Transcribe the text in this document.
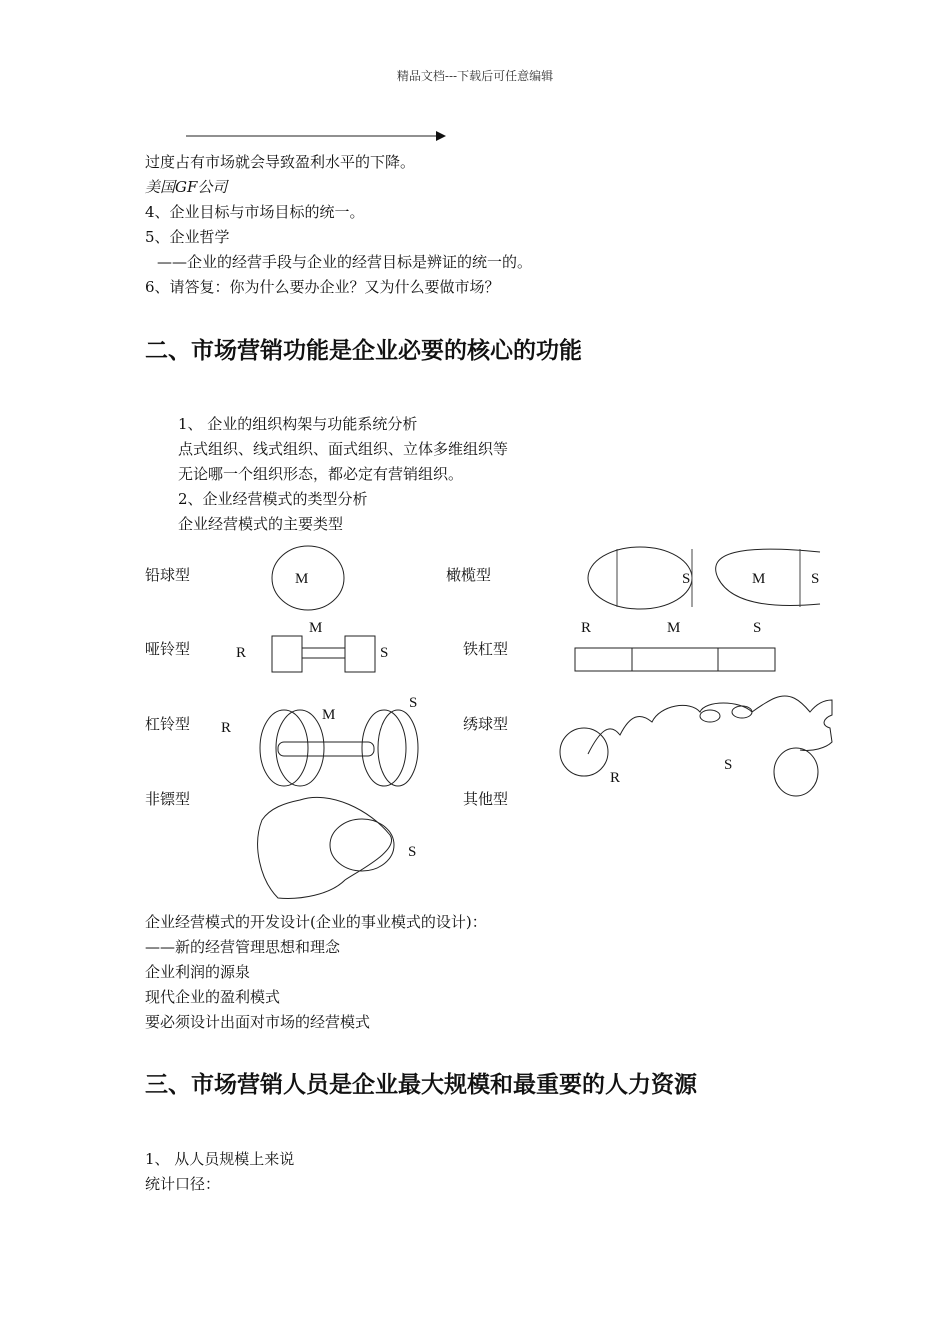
精品文档---下载后可任意编辑
M	S	M	S
R
M
S
R	M	S
R
M
S
R
S
S
过度占有市场就会导致盈利水平的下降。
美国GF公司
4、企业目标与市场目标的统一。
5、企业哲学
——企业的经营手段与企业的经营目标是辨证的统一的。
6、请答复：你为什么要办企业？又为什么要做市场？
二、市场营销功能是企业必要的核心的功能
1、 企业的组织构架与功能系统分析
点式组织、线式组织、面式组织、立体多维组织等
无论哪一个组织形态，都必定有营销组织。
2、企业经营模式的类型分析
企业经营模式的主要类型
铅球型	橄榄型
哑铃型	铁杠型
杠铃型	绣球型
非镖型	其他型
企业经营模式的开发设计(企业的事业模式的设计)：
——新的经营管理思想和理念
企业利润的源泉
现代企业的盈利模式
要必须设计出面对市场的经营模式
三、市场营销人员是企业最大规模和最重要的人力资源
1、 从人员规模上来说
统计口径：
